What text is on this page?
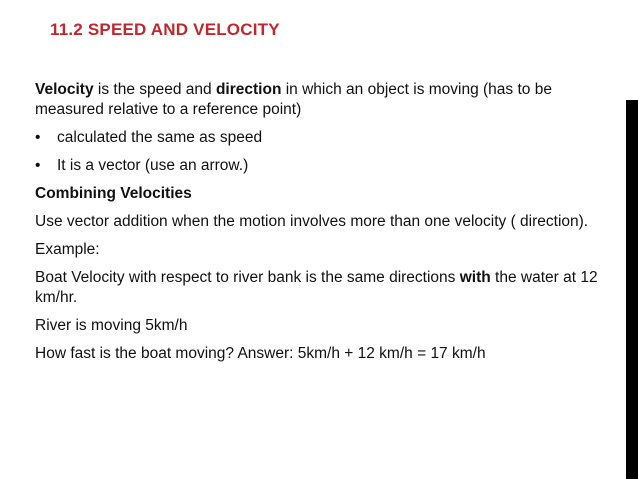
11.2 SPEED AND VELOCITY
Velocity is the speed and direction in which an object is moving (has to be measured relative to a reference point)
•	calculated the same as speed
•	It is a vector (use an arrow.)
Combining Velocities
Use vector addition when the motion involves more than one velocity ( direction).
Example:
Boat Velocity with respect to river bank is the same directions with the water at 12 km/hr.
River is moving 5km/h
How fast is the boat moving? Answer: 5km/h + 12 km/h = 17 km/h
